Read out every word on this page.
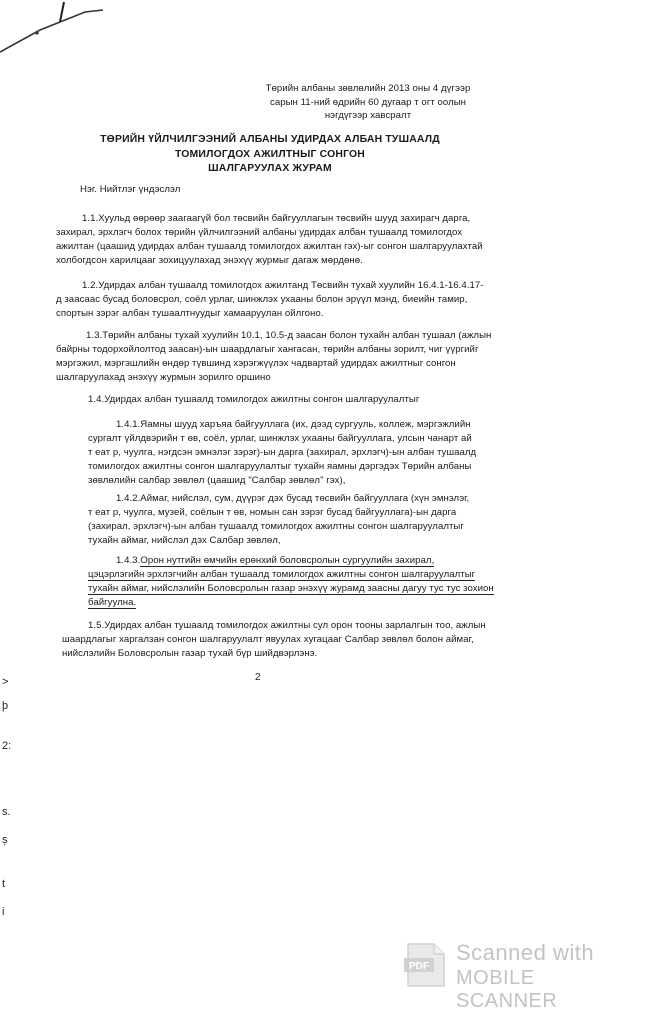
Төрийн албаны зөвлөлийн 2013 оны 4 дүгээр
сарын 11-ний өдрийн 60 дугаар т огт оолын
нэгдүгээр хавсралт
ТӨРИЙН ҮЙЛЧИЛГЭЭНИЙ АЛБАНЫ УДИРДАХ АЛБАН ТУШААЛД
ТОМИЛОГДОХ АЖИЛТНЫГ СОНГОН
ШАЛГАРУУЛАХ ЖУРАМ
Нэг. Нийтлэг үндэслэл
1.1.Хуульд өөрөөр заагаагүй бол төсвийн байгууллагын төсвийн шууд захирагч дарга,
захирал, эрхлэгч болох төрийн үйлчилгээний албаны удирдах албан тушаалд томилогдох
ажилтан (цаашид удирдах албан тушаалд томилогдох ажилтан гэх)-ыг сонгон шалгаруулахтай
холбогдсон харилцааг зохицуулахад энэхүү журмыг дагаж мөрдөнө.
1.2.Удирдах албан тушаалд томилогдох ажилтанд Төсвийн тухай хуулийн 16.4.1-16.4.17-
д заасаас бусад боловсрол, соёл урлаг, шинжлэх ухааны болон эрүүл мэнд, биеийн тамир,
спортын зэрэг албан тушаалтнуудыг хамааруулан ойлгоно.
1.3.Төрийн албаны тухай хуулийн 10.1, 10.5-д заасан болон тухайн албан тушаал (ажлын
байрны тодорхойлолтод заасан)-ын шаардлагыг хангасан, төрийн албаны зорилт, чиг үүргийг
мэргэжил, мэргэшлийн өндөр түвшинд хэрэгжүүлэх чадвартай удирдах ажилтныг сонгон
шалгаруулахад энэхүү журмын зорилго оршино
1.4.Удирдах албан тушаалд томилогдох ажилтны сонгон шалгаруулалтыг
1.4.1.Яамны шууд харъяа байгууллага (их, дээд сургууль, коллеж, мэргэжлийн
сургалт үйлдвэрийн т өв, соёл, урлаг, шинжлэх ухааны байгууллага, улсын чанарт ай
т еат р, чуулга, нэгдсэн эмнэлэг зэрэг)-ын дарга (захирал, эрхлэгч)-ын албан тушаалд
томилогдох ажилтны сонгон шалгаруулалтыг тухайн яамны дэргэдэх Төрийн албаны
зөвлөлийн салбар зөвлөл (цаашид "Салбар зөвлөл" гэх),
1.4.2.Аймаг, нийслэл, сум, дүүрэг дэх бусад төсвийн байгууллага (хүн эмнэлэг,
т еат р, чуулга, музей, соёлын т өв, номын сан зэрэг бусад байгууллага)-ын дарга
(захирал, эрхлэгч)-ын албан тушаалд томилогдох ажилтны сонгон шалгаруулалтыг
тухайн аймаг, нийслэл дэх Салбар зөвлөл,
1.4.3.Орон нутгийн өмчийн ерөнхий боловсролын сургуулийн захирал,
цэцэрлэгийн эрхлэгчийн албан тушаалд томилогдох ажилтны сонгон шалгаруулалтыг
тухайн аймаг, нийслэлийн Боловсролын газар энэхүү журамд заасны дагуу тус тус зохион
байгуулна.
1.5.Удирдах албан тушаалд томилогдох ажилтны сул орон тооны зарлалгын тоо, ажлын
шаардлагыг харгалзан сонгон шалгаруулалт явуулах хугацааг Салбар зөвлөл болон аймаг,
нийслэлийн Боловсролын газар тухай бүр шийдвэрлэнэ.
2
>
þ
2:
s.
ș
t
i
PDF
Scanned with
MOBILE SCANNER
